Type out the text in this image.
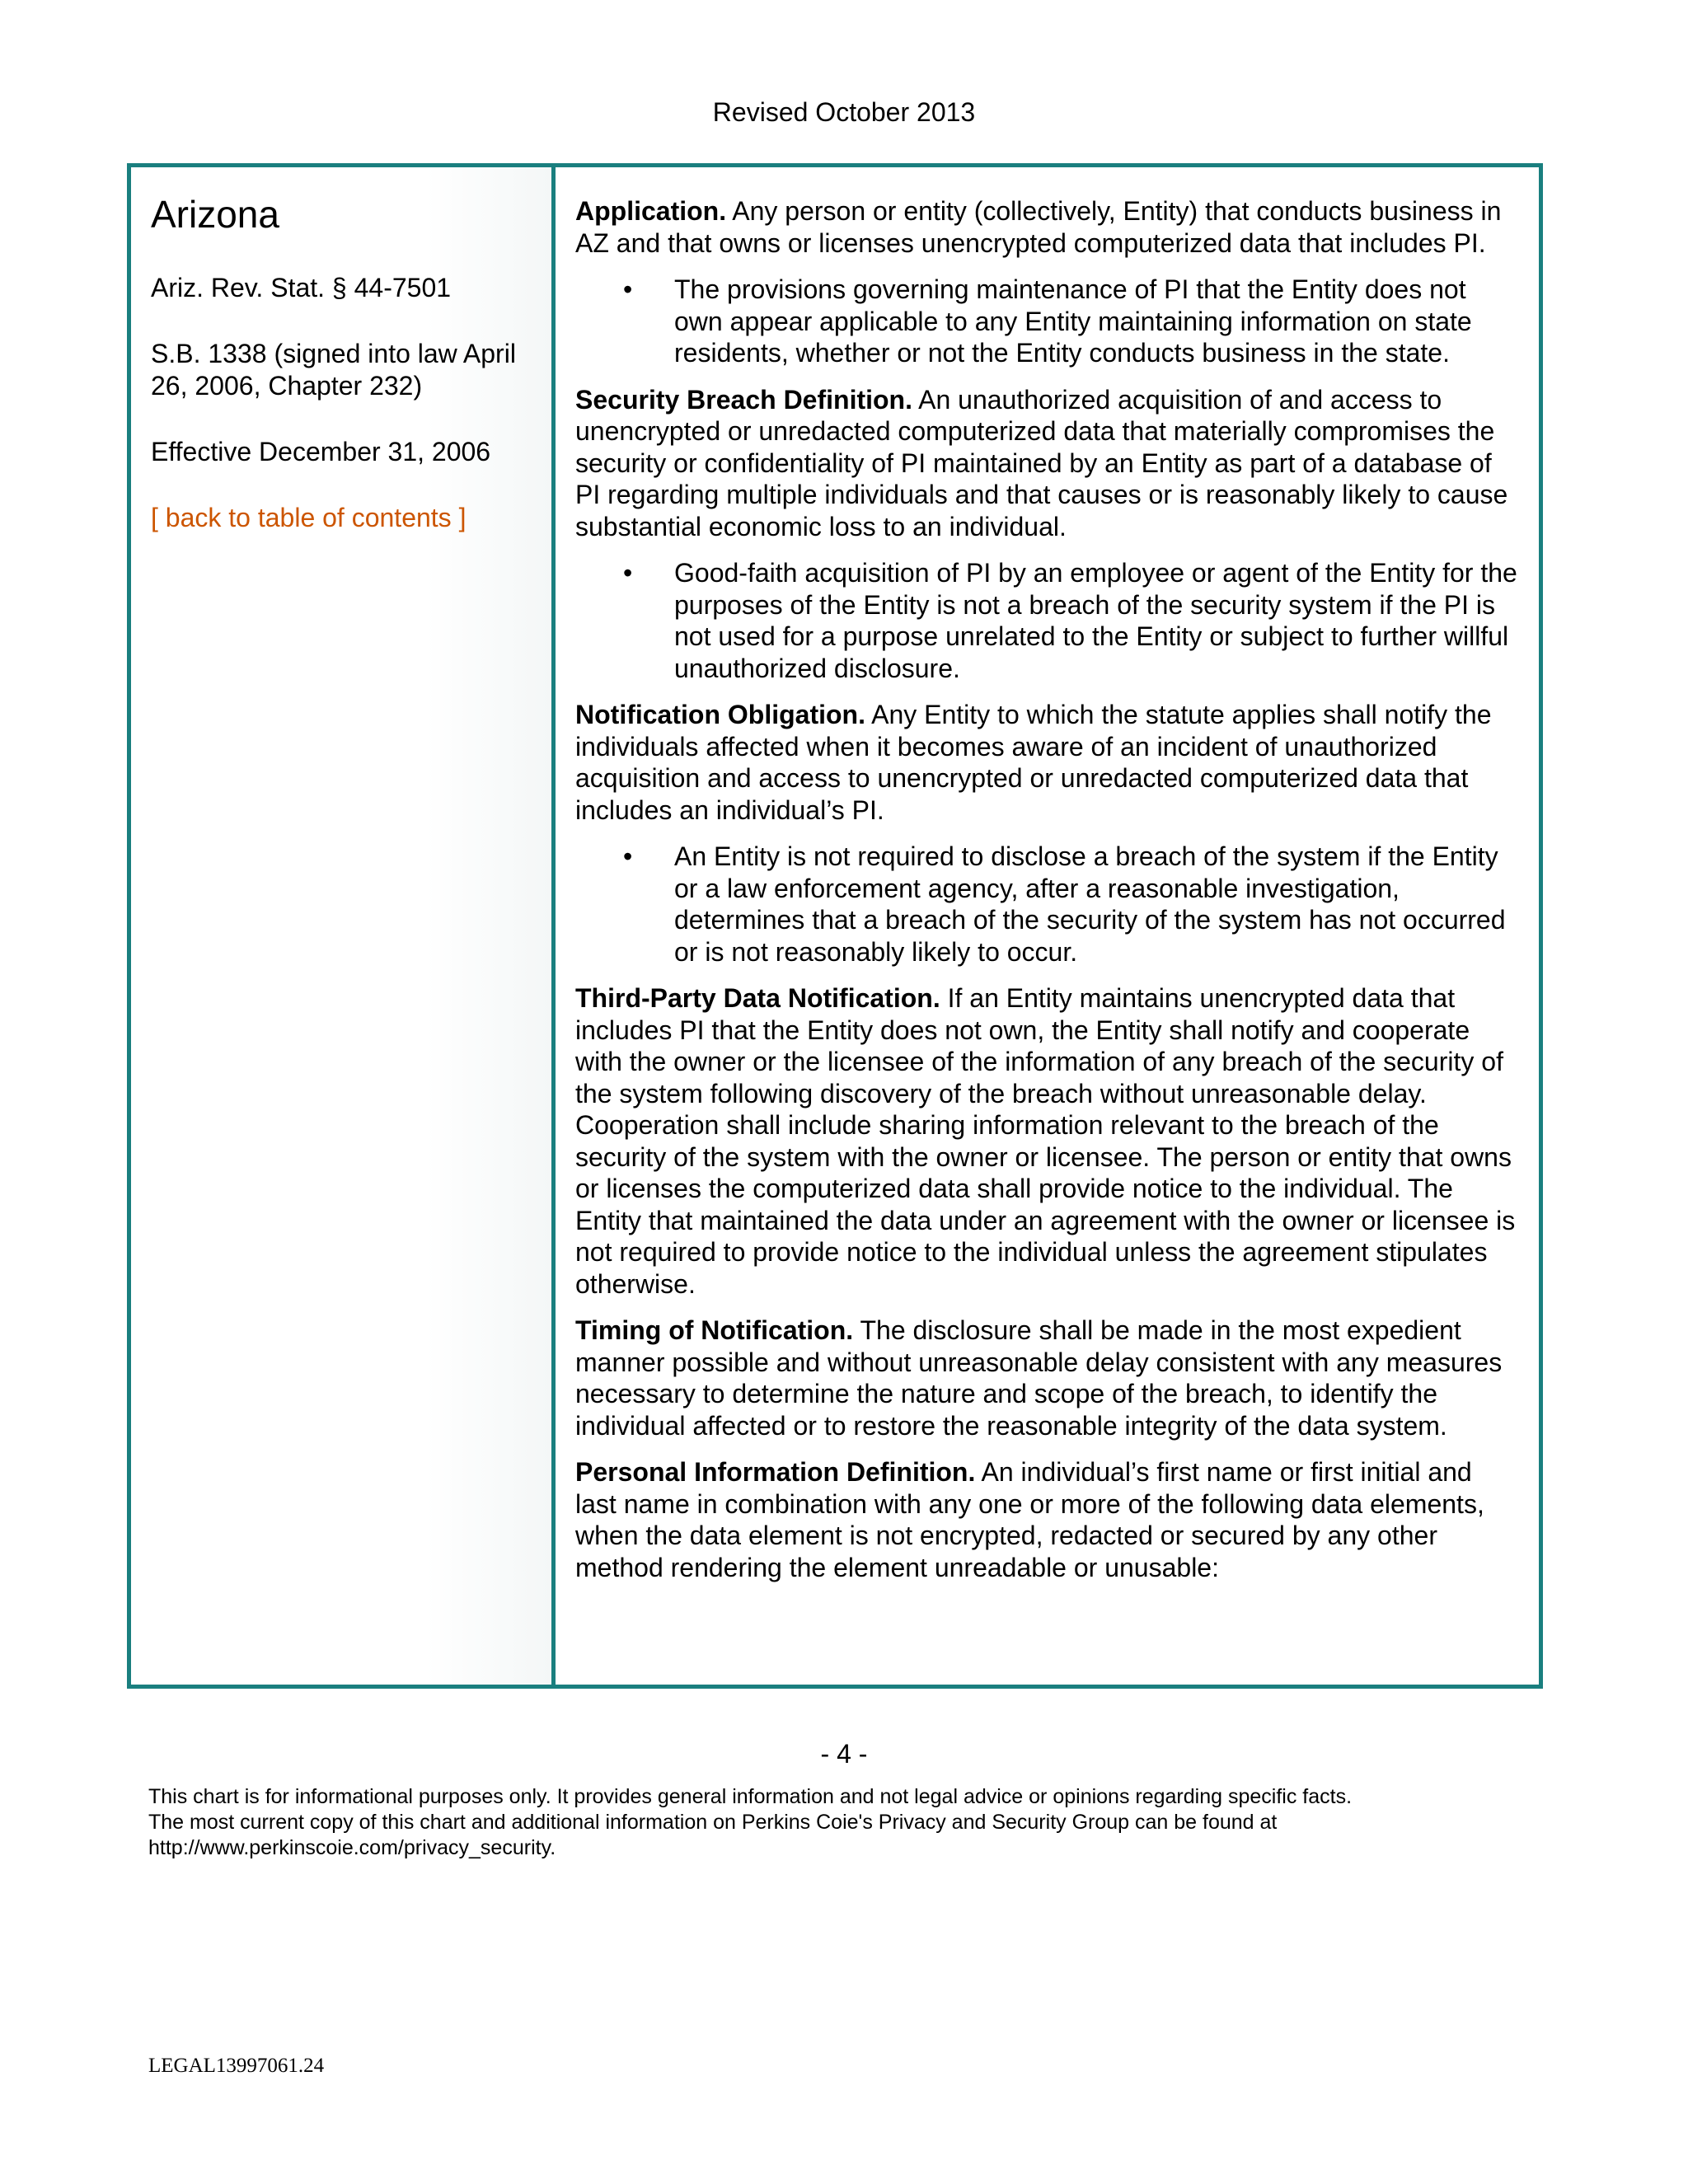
Revised October 2013
Arizona

Ariz. Rev. Stat. § 44-7501

S.B. 1338 (signed into law April 26, 2006, Chapter 232)

Effective December 31, 2006

[ back to table of contents ]

Application. Any person or entity (collectively, Entity) that conducts business in AZ and that owns or licenses unencrypted computerized data that includes PI.

• The provisions governing maintenance of PI that the Entity does not own appear applicable to any Entity maintaining information on state residents, whether or not the Entity conducts business in the state.

Security Breach Definition. An unauthorized acquisition of and access to unencrypted or unredacted computerized data that materially compromises the security or confidentiality of PI maintained by an Entity as part of a database of PI regarding multiple individuals and that causes or is reasonably likely to cause substantial economic loss to an individual.

• Good-faith acquisition of PI by an employee or agent of the Entity for the purposes of the Entity is not a breach of the security system if the PI is not used for a purpose unrelated to the Entity or subject to further willful unauthorized disclosure.

Notification Obligation. Any Entity to which the statute applies shall notify the individuals affected when it becomes aware of an incident of unauthorized acquisition and access to unencrypted or unredacted computerized data that includes an individual’s PI.

• An Entity is not required to disclose a breach of the system if the Entity or a law enforcement agency, after a reasonable investigation, determines that a breach of the security of the system has not occurred or is not reasonably likely to occur.

Third-Party Data Notification. If an Entity maintains unencrypted data that includes PI that the Entity does not own, the Entity shall notify and cooperate with the owner or the licensee of the information of any breach of the security of the system following discovery of the breach without unreasonable delay. Cooperation shall include sharing information relevant to the breach of the security of the system with the owner or licensee. The person or entity that owns or licenses the computerized data shall provide notice to the individual. The Entity that maintained the data under an agreement with the owner or licensee is not required to provide notice to the individual unless the agreement stipulates otherwise.

Timing of Notification. The disclosure shall be made in the most expedient manner possible and without unreasonable delay consistent with any measures necessary to determine the nature and scope of the breach, to identify the individual affected or to restore the reasonable integrity of the data system.

Personal Information Definition. An individual’s first name or first initial and last name in combination with any one or more of the following data elements, when the data element is not encrypted, redacted or secured by any other method rendering the element unreadable or unusable:

- 4 -
This chart is for informational purposes only. It provides general information and not legal advice or opinions regarding specific facts.
The most current copy of this chart and additional information on Perkins Coie's Privacy and Security Group can be found at
http://www.perkinscoie.com/privacy_security.
LEGAL13997061.24
